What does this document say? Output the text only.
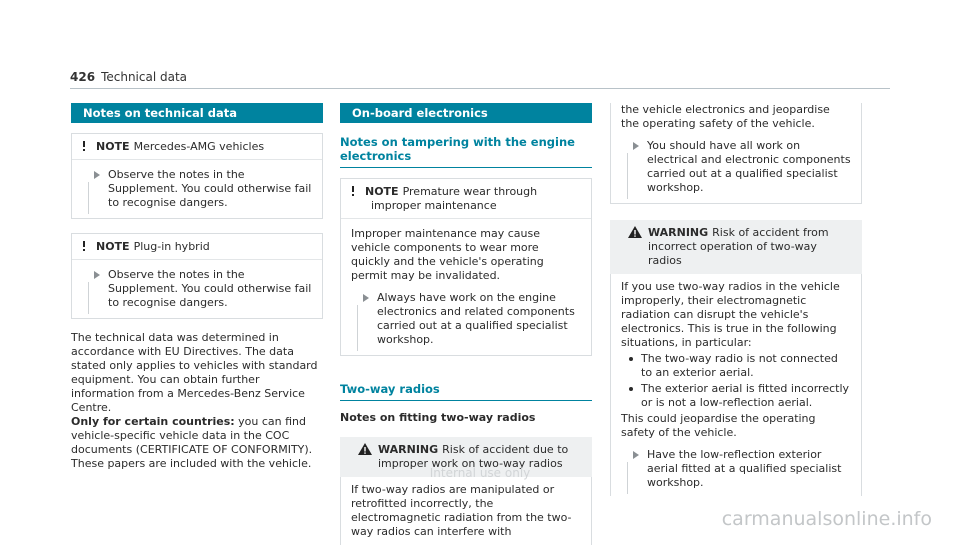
426 Technical data
Notes on technical data
NOTE Mercedes-AMG vehicles

Observe the notes in the Supplement. You could otherwise fail to recognise dangers.

NOTE Plug-in hybrid

Observe the notes in the Supplement. You could otherwise fail to recognise dangers.

The technical data was determined in accordance with EU Directives. The data stated only applies to vehicles with standard equipment. You can obtain further information from a Mercedes-Benz Service Centre.

Only for certain countries: you can find vehicle-specific vehicle data in the COC documents (CERTIFICATE OF CONFORMITY). These papers are included with the vehicle.

On-board electronics
Notes on tampering with the engine electronics
NOTE Premature wear through improper maintenance

Improper maintenance may cause vehicle components to wear more quickly and the vehicle's operating permit may be invalidated.

Always have work on the engine electronics and related components carried out at a qualified specialist workshop.

Two-way radios
Notes on fitting two-way radios
WARNING Risk of accident due to improper work on two-way radios

If two-way radios are manipulated or retrofitted incorrectly, the electromagnetic radiation from the two-way radios can interfere with

the vehicle electronics and jeopardise the operating safety of the vehicle.

You should have all work on electrical and electronic components carried out at a qualified specialist workshop.

WARNING Risk of accident from incorrect operation of two-way radios

If you use two-way radios in the vehicle improperly, their electromagnetic radiation can disrupt the vehicle's electronics. This is true in the following situations, in particular:

The two-way radio is not connected to an exterior aerial.
The exterior aerial is fitted incorrectly or is not a low-reflection aerial.

This could jeopardise the operating safety of the vehicle.

Have the low-reflection exterior aerial fitted at a qualified specialist workshop.

Internal use only
carmanualsonline.info
